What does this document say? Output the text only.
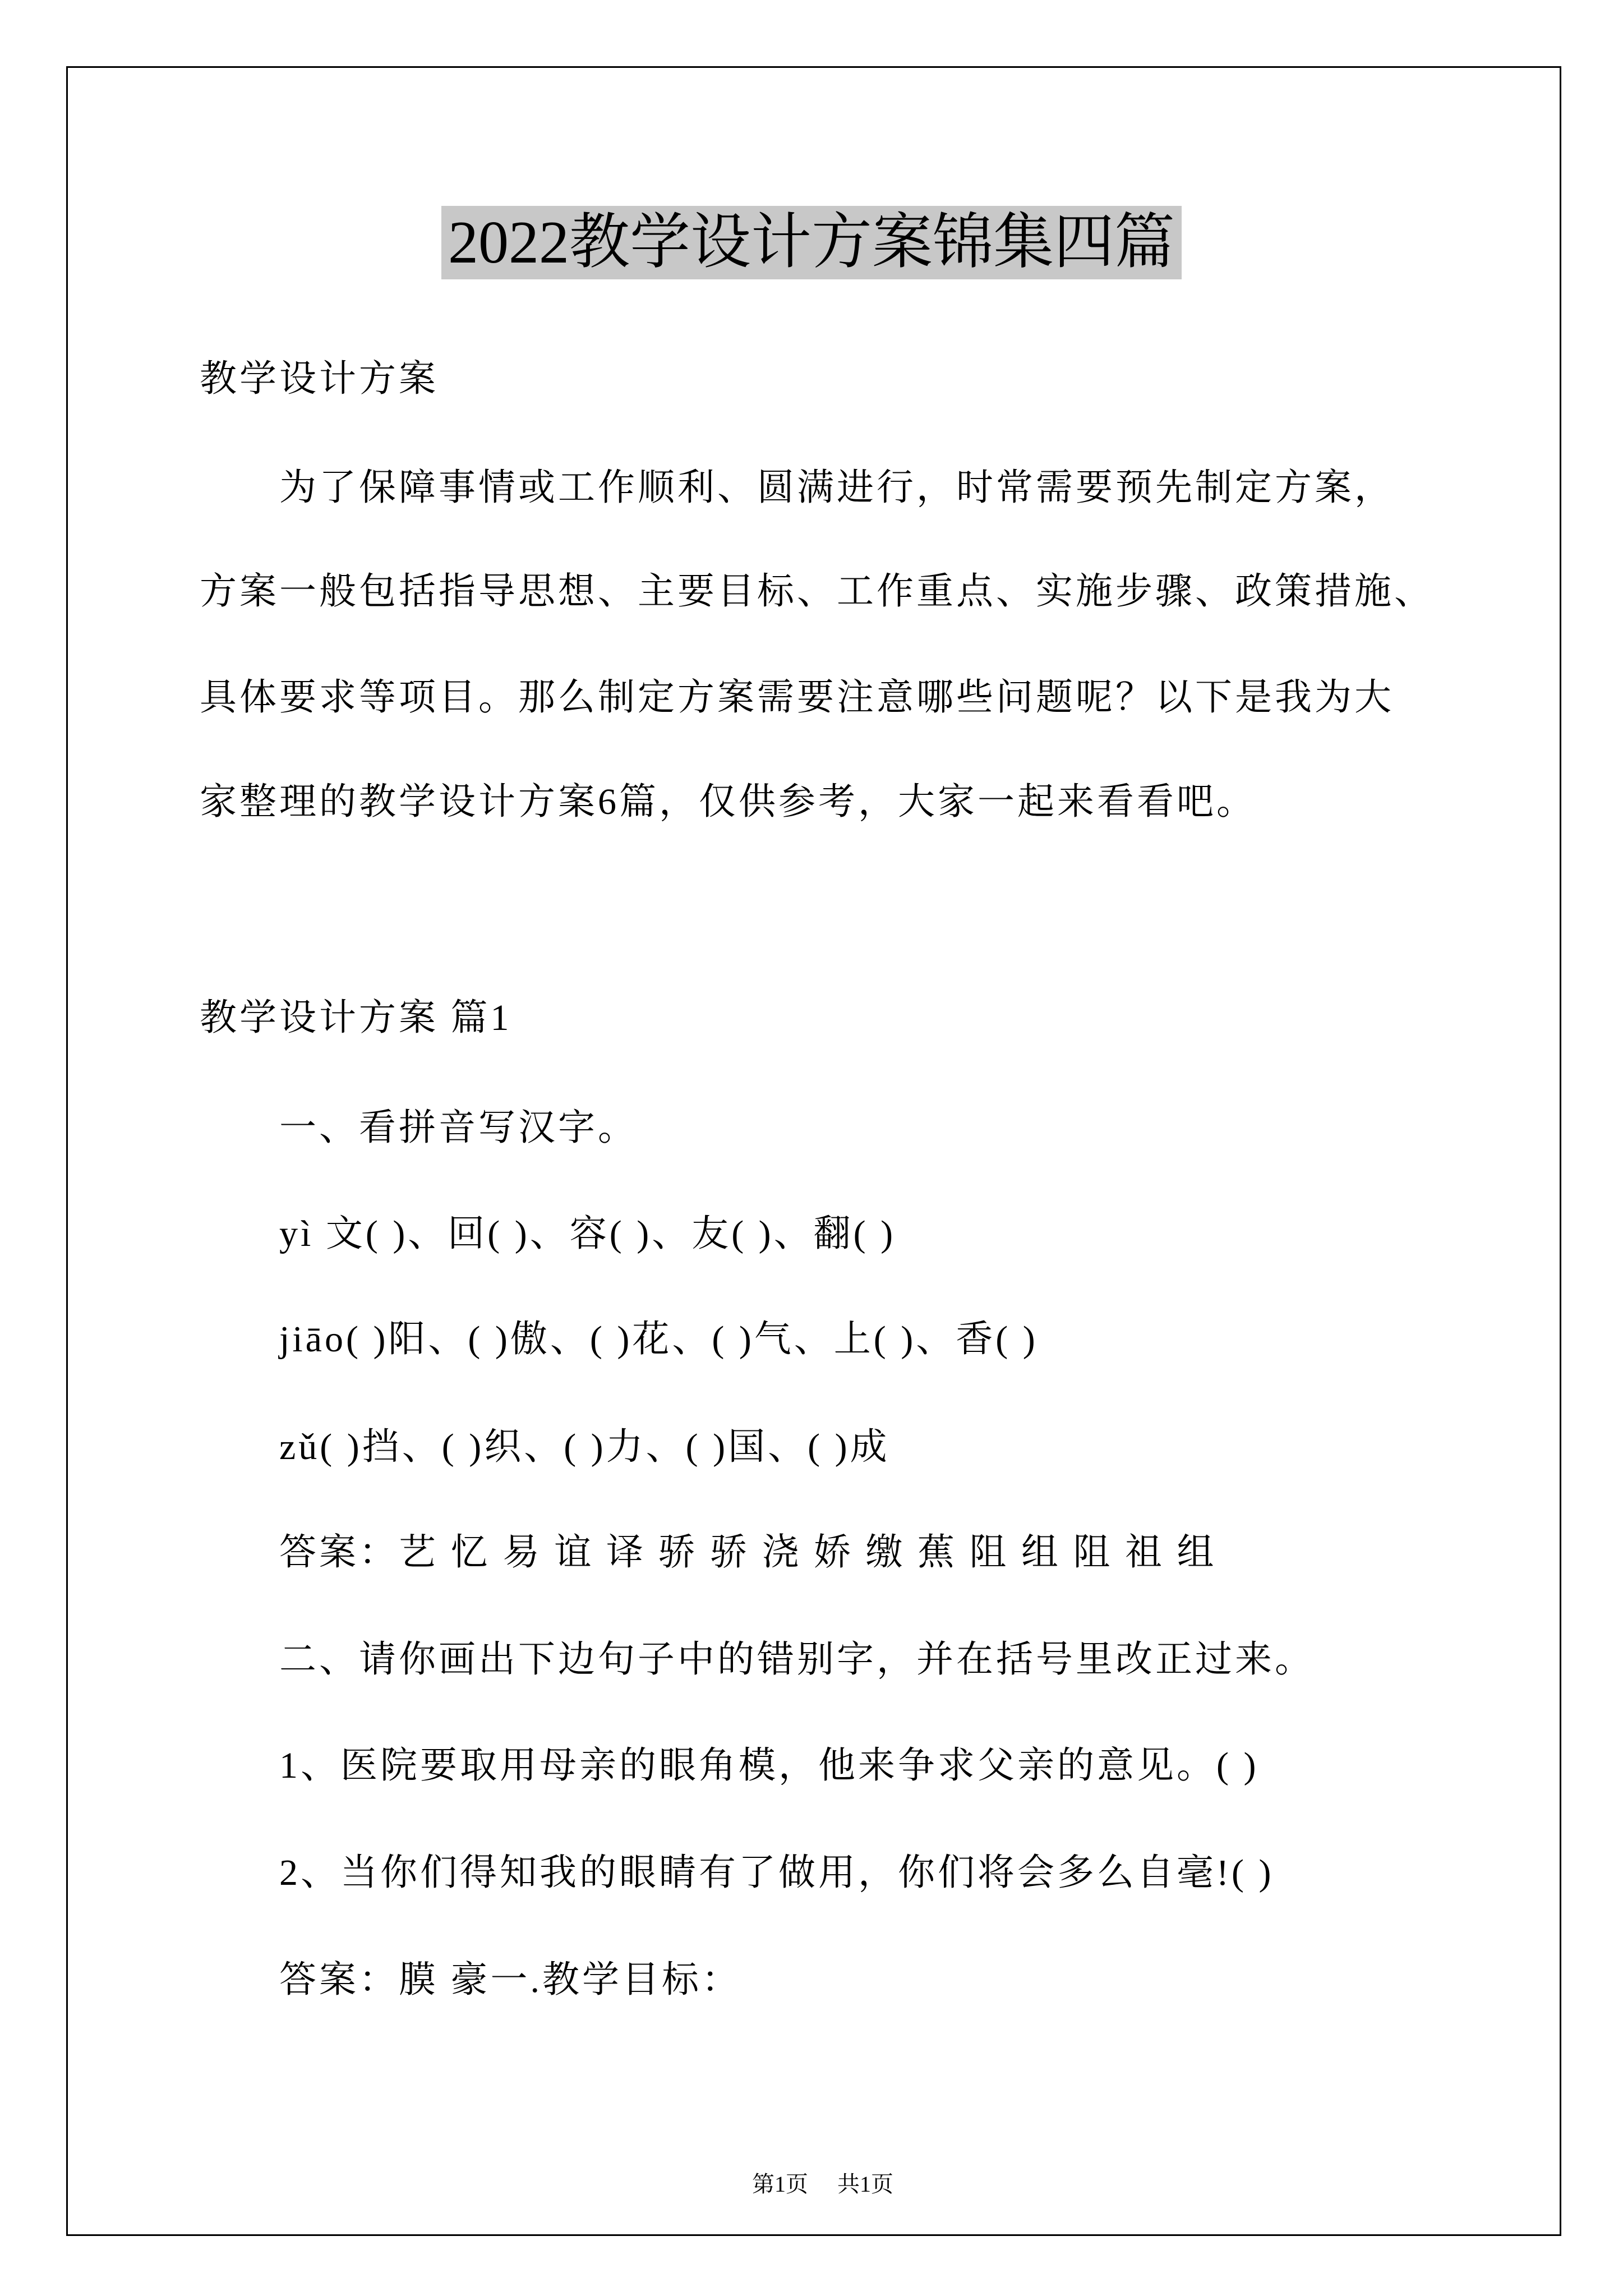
2022教学设计方案锦集四篇
教学设计方案
为了保障事情或工作顺利、圆满进行，时常需要预先制定方案，
方案一般包括指导思想、主要目标、工作重点、实施步骤、政策措施、
具体要求等项目。那么制定方案需要注意哪些问题呢？以下是我为大
家整理的教学设计方案6篇，仅供参考，大家一起来看看吧。
教学设计方案 篇1
一、看拼音写汉字。
yì 文( )、回( )、容( )、友( )、翻( )
jiāo( )阳、( )傲、( )花、( )气、上( )、香( )
zǔ( )挡、( )织、( )力、( )国、( )成
答案：艺 忆 易 谊 译 骄 骄 浇 娇 缴 蕉 阻 组 阻 祖 组
二、请你画出下边句子中的错别字，并在括号里改正过来。
1、医院要取用母亲的眼角模，他来争求父亲的意见。( )
2、当你们得知我的眼睛有了做用，你们将会多么自毫!( )
答案：膜 豪一.教学目标：

第1页 共1页
